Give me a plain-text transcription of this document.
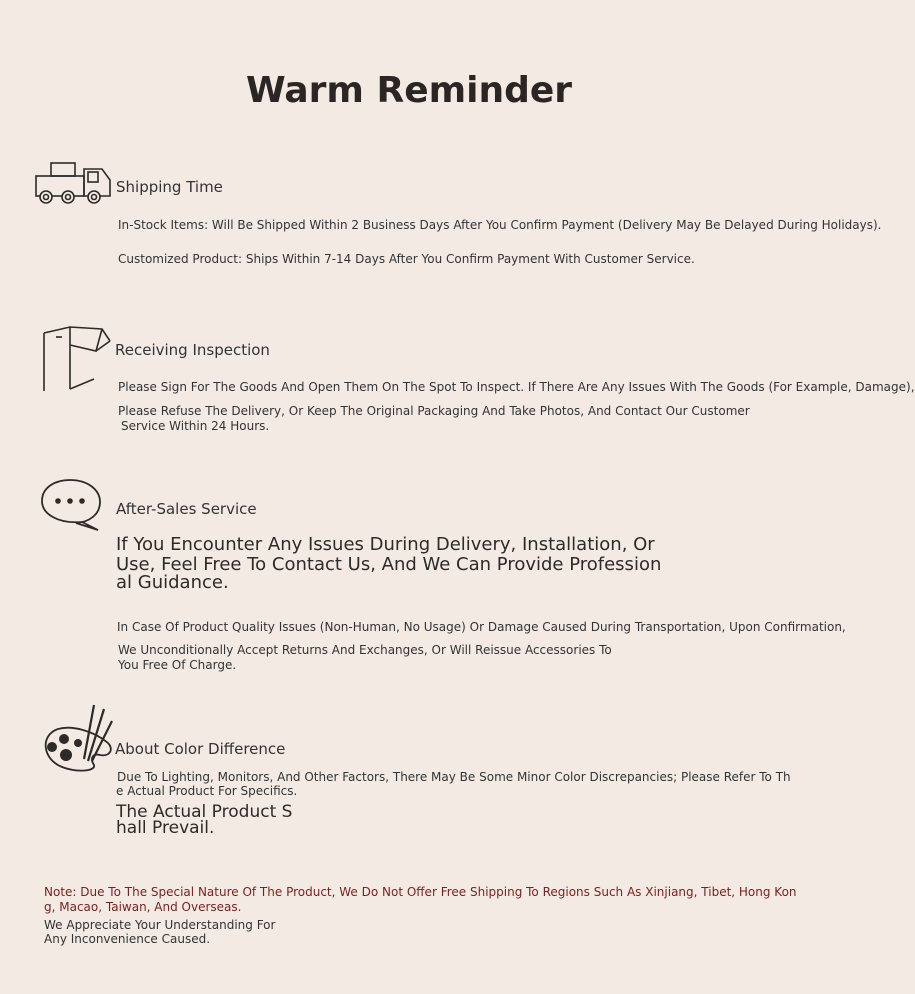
Warm Reminder
Shipping Time
In-Stock Items: Will Be Shipped Within 2 Business Days After You Confirm Payment (Delivery May Be Delayed During Holidays).
Customized Product: Ships Within 7-14 Days After You Confirm Payment With Customer Service.
Receiving Inspection
Please Sign For The Goods And Open Them On The Spot To Inspect. If There Are Any Issues With The Goods (For Example, Damage),
Please Refuse The Delivery, Or Keep The Original Packaging And Take Photos, And Contact Our Customer
Service Within 24 Hours.
After-Sales Service
If You Encounter Any Issues During Delivery, Installation, Or
Use, Feel Free To Contact Us, And We Can Provide Profession
al Guidance.
In Case Of Product Quality Issues (Non-Human, No Usage) Or Damage Caused During Transportation, Upon Confirmation,
We Unconditionally Accept Returns And Exchanges, Or Will Reissue Accessories To
You Free Of Charge.
About Color Difference
Due To Lighting, Monitors, And Other Factors, There May Be Some Minor Color Discrepancies; Please Refer To Th
e Actual Product For Specifics.
The Actual Product S
hall Prevail.
Note: Due To The Special Nature Of The Product, We Do Not Offer Free Shipping To Regions Such As Xinjiang, Tibet, Hong Kon
g, Macao, Taiwan, And Overseas.
We Appreciate Your Understanding For
Any Inconvenience Caused.
